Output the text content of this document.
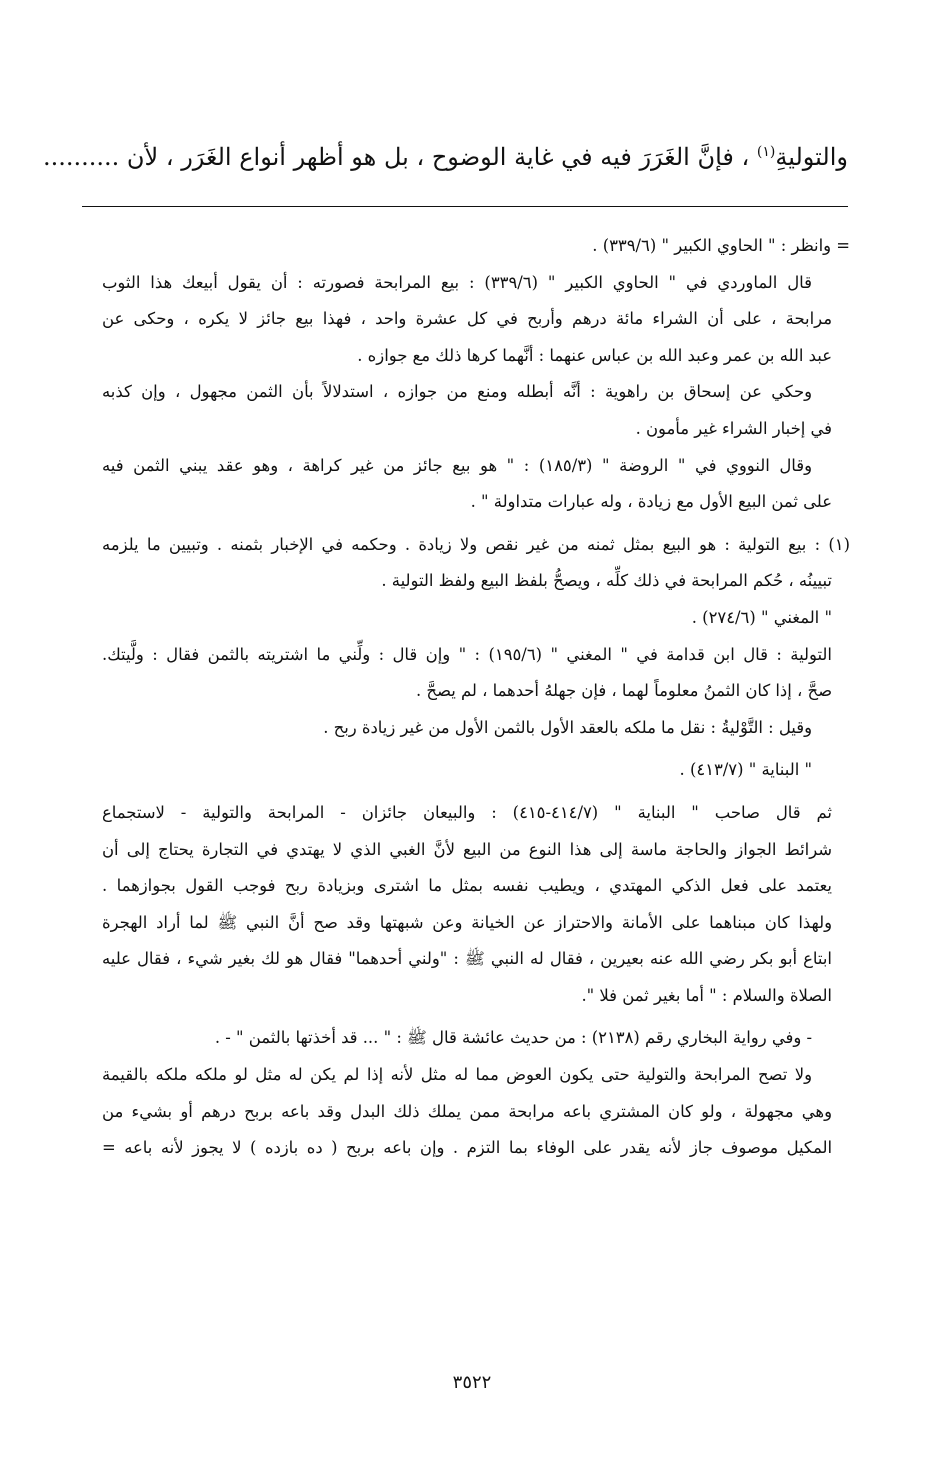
والتوليةِ$^{(١)}$ ، فإنَّ الغَرَرَ فيه في غاية الوضوح ، بل هو أظهر أنواع الغَرَر ، لأن ..........
= وانظر : " الحاوي الكبير " (٣٣٩/٦) .
قال الماوردي في " الحاوي الكبير " (٣٣٩/٦) : بيع المرابحة فصورته : أن يقول أبيعك هذا الثوب
مرابحة ، على أن الشراء مائة درهم وأربح في كل عشرة واحد ، فهذا بيع جائز لا يكره ، وحكى عن
عبد الله بن عمر وعبد الله بن عباس عنهما : أنَّهما كرها ذلك مع جوازه .
وحكي عن إسحاق بن راهوية : أنَّه أبطله ومنع من جوازه ، استدلالاً بأن الثمن مجهول ، وإن كذبه
في إخبار الشراء غير مأمون .
وقال النووي في " الروضة " (١٨٥/٣) : " هو بيع جائز من غير كراهة ، وهو عقد يبني الثمن فيه
على ثمن البيع الأول مع زيادة ، وله عبارات متداولة " .
(١) : بيع التولية : هو البيع بمثل ثمنه من غير نقص ولا زيادة . وحكمه في الإخبار بثمنه . وتبيين ما يلزمه
تبيينُه ، حُكم المرابحة في ذلك كلِّه ، ويصحُّ بلفظ البيع ولفظ التولية .
" المغني " (٢٧٤/٦) .
التولية : قال ابن قدامة في " المغني " (١٩٥/٦) : " وإن قال : ولِّني ما اشتريته بالثمن فقال : ولَّيتك.
صحَّ ، إذا كان الثمنُ معلوماً لهما ، فإن جهلهُ أحدهما ، لم يصحَّ .
وقيل : التَّوْليةُ : نقل ما ملكه بالعقد الأول بالثمن الأول من غير زيادة ربح .
" البناية " (٤١٣/٧) .
ثم قال صاحب " البناية " (٤١٤/٧-٤١٥) : والبيعان جائزان - المرابحة والتولية - لاستجماع
شرائط الجواز والحاجة ماسة إلى هذا النوع من البيع لأنَّ الغبي الذي لا يهتدي في التجارة يحتاج إلى أن
يعتمد على فعل الذكي المهتدي ، ويطيب نفسه بمثل ما اشترى وبزيادة ربح فوجب القول بجوازهما .
ولهذا كان مبناهما على الأمانة والاحتراز عن الخيانة وعن شبهتها وقد صح أنَّ النبي ﷺ لما أراد الهجرة
ابتاع أبو بكر رضي الله عنه بعيرين ، فقال له النبي ﷺ : "ولني أحدهما" فقال هو لك بغير شيء ، فقال عليه
الصلاة والسلام : " أما بغير ثمن فلا ".
- وفي رواية البخاري رقم (٢١٣٨) : من حديث عائشة قال ﷺ : " ... قد أخذتها بالثمن " - .
ولا تصح المرابحة والتولية حتى يكون العوض مما له مثل لأنه إذا لم يكن له مثل لو ملكه ملكه بالقيمة
وهي مجهولة ، ولو كان المشتري باعه مرابحة ممن يملك ذلك البدل وقد باعه بربح درهم أو بشيء من
المكيل موصوف جاز لأنه يقدر على الوفاء بما التزم . وإن باعه بربح ( ده بازده ) لا يجوز لأنه باعه =
٣٥٢٢
